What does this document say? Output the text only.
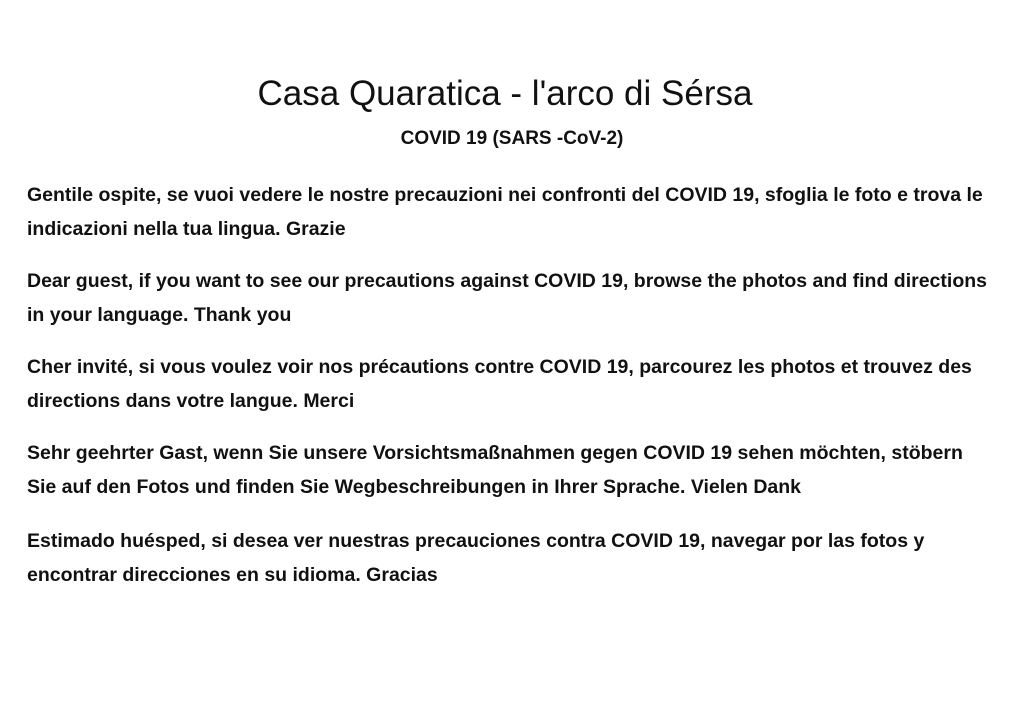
Casa Quaratica - l'arco di Sérsa
COVID 19 (SARS -CoV-2)

Gentile ospite, se vuoi vedere le nostre precauzioni nei confronti del COVID 19, sfoglia le foto e trova le indicazioni nella tua lingua. Grazie

Dear guest, if you want to see our precautions against COVID 19, browse the photos and find directions in your language. Thank you

Cher invité, si vous voulez voir nos précautions contre COVID 19, parcourez les photos et trouvez des directions dans votre langue. Merci

Sehr geehrter Gast, wenn Sie unsere Vorsichtsmaßnahmen gegen COVID 19 sehen möchten, stöbern Sie auf den Fotos und finden Sie Wegbeschreibungen in Ihrer Sprache. Vielen Dank

Estimado huésped, si desea ver nuestras precauciones contra COVID 19, navegar por las fotos y encontrar direcciones en su idioma. Gracias
